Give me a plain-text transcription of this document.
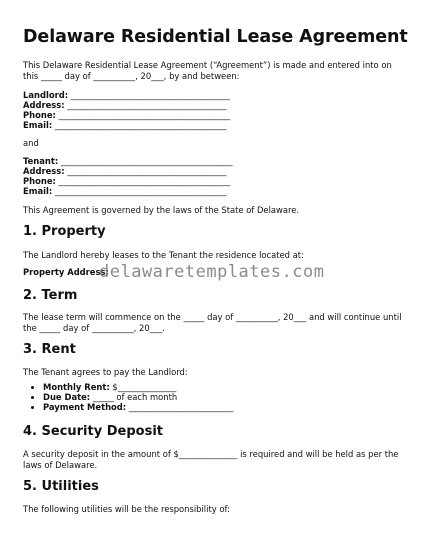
Delaware Residential Lease Agreement

This Delaware Residential Lease Agreement (“Agreement”) is made and entered into on this _____ day of __________, 20___, by and between:

Landlord: ______________________________________

Address: ______________________________________

Phone: _________________________________________

Email: _________________________________________

and

Tenant: _________________________________________

Address: ______________________________________

Phone: _________________________________________

Email: _________________________________________

This Agreement is governed by the laws of the State of Delaware.

1. Property

The Landlord hereby leases to the Tenant the residence located at:

Property Address:

delawaretemplates.com
2. Term

The lease term will commence on the _____ day of __________, 20___ and will continue until the _____ day of __________, 20___.

3. Rent

The Tenant agrees to pay the Landlord:

• Monthly Rent: $______________
• Due Date: _____ of each month
• Payment Method: _________________________
4. Security Deposit

A security deposit in the amount of $______________ is required and will be held as per the laws of Delaware.

5. Utilities

The following utilities will be the responsibility of:
